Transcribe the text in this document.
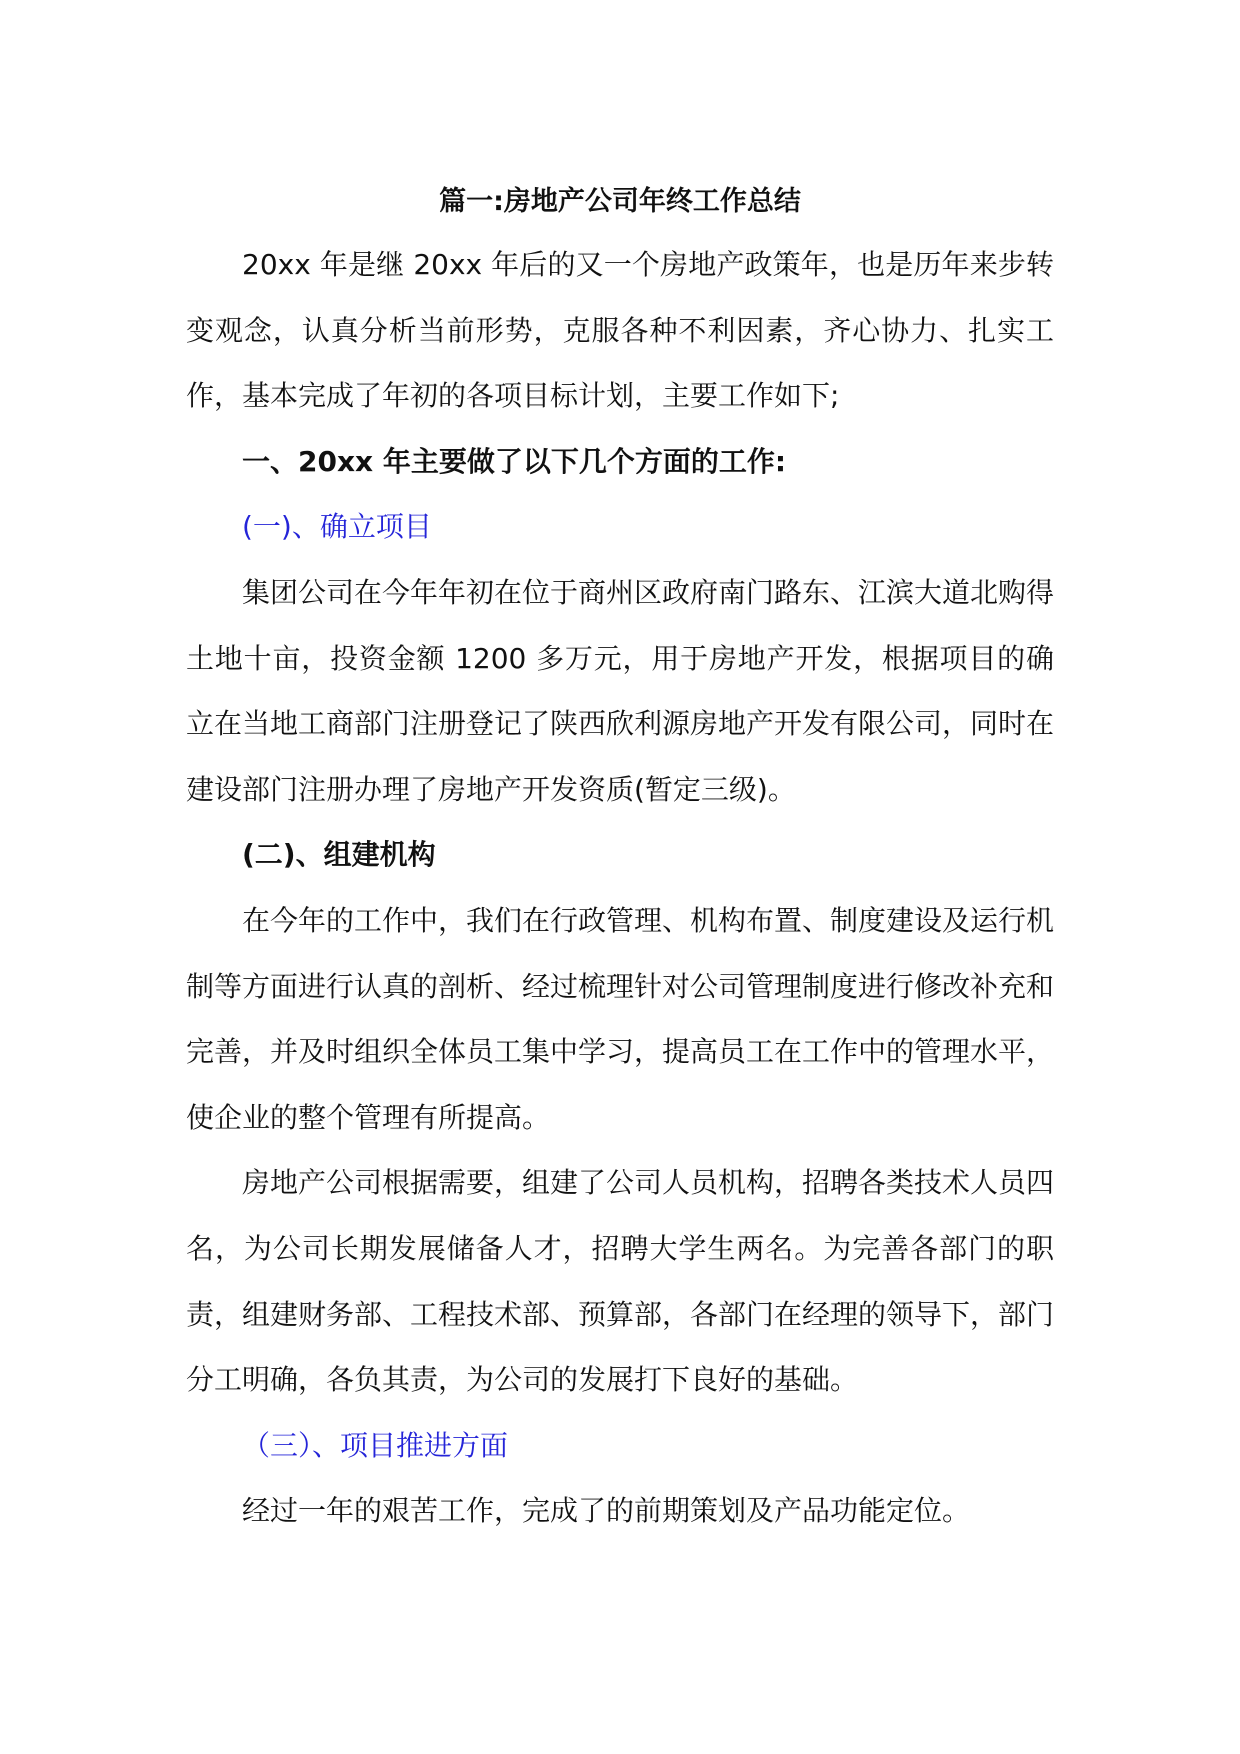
篇一:房地产公司年终工作总结

20xx 年是继 20xx 年后的又一个房地产政策年，也是历年来步转变观念，认真分析当前形势，克服各种不利因素，齐心协力、扎实工作，基本完成了年初的各项目标计划，主要工作如下;

一、20xx 年主要做了以下几个方面的工作:

(一)、确立项目

集团公司在今年年初在位于商州区政府南门路东、江滨大道北购得土地十亩，投资金额 1200 多万元，用于房地产开发，根据项目的确立在当地工商部门注册登记了陕西欣利源房地产开发有限公司，同时在建设部门注册办理了房地产开发资质(暂定三级)。

(二)、组建机构

在今年的工作中，我们在行政管理、机构布置、制度建设及运行机制等方面进行认真的剖析、经过梳理针对公司管理制度进行修改补充和完善，并及时组织全体员工集中学习，提高员工在工作中的管理水平，使企业的整个管理有所提高。

房地产公司根据需要，组建了公司人员机构，招聘各类技术人员四名，为公司长期发展储备人才，招聘大学生两名。为完善各部门的职责，组建财务部、工程技术部、预算部，各部门在经理的领导下，部门分工明确，各负其责，为公司的发展打下良好的基础。

（三）、项目推进方面

经过一年的艰苦工作，完成了的前期策划及产品功能定位。
